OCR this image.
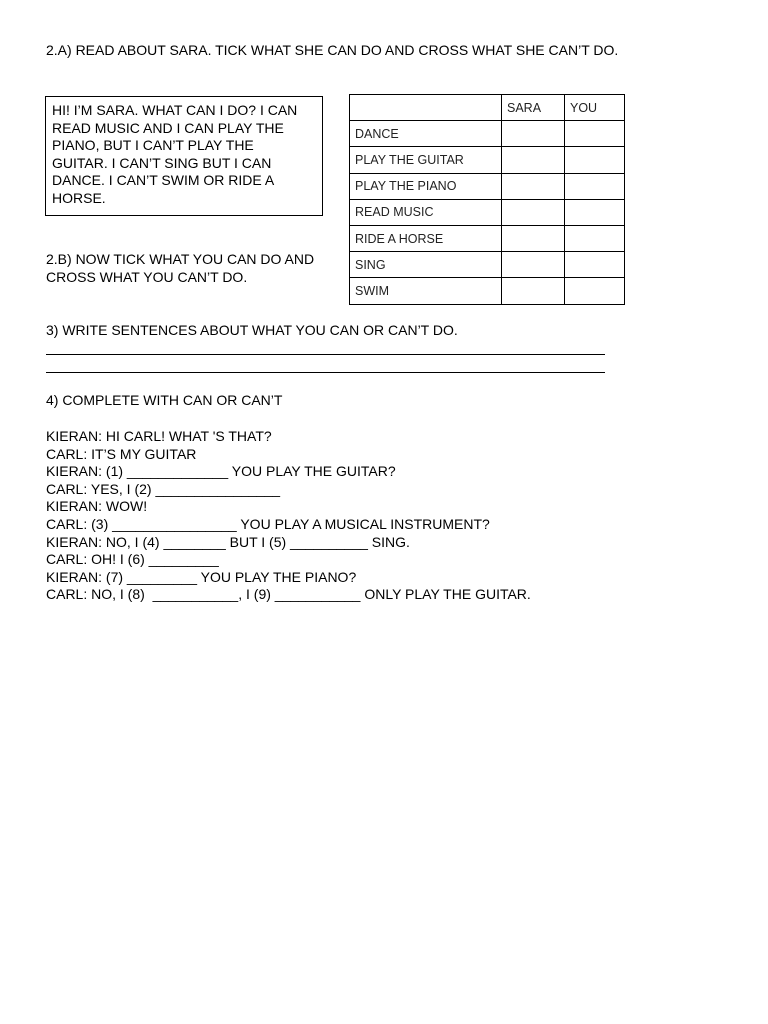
2.A) READ ABOUT SARA. TICK WHAT SHE CAN DO AND CROSS WHAT SHE CAN’T DO.
HI! I’M SARA. WHAT CAN I DO? I CAN
READ MUSIC AND I CAN PLAY THE
PIANO, BUT I CAN’T PLAY THE
GUITAR. I CAN’T SING BUT I CAN
DANCE. I CAN’T SWIM OR RIDE A
HORSE.
2.B) NOW TICK WHAT YOU CAN DO AND
CROSS WHAT YOU CAN’T DO.
	SARA	YOU
DANCE		
PLAY THE GUITAR		
PLAY THE PIANO		
READ MUSIC		
RIDE A HORSE		
SING		
SWIM		
3) WRITE SENTENCES ABOUT WHAT YOU CAN OR CAN’T DO.
4) COMPLETE WITH CAN OR CAN’T
KIERAN: HI CARL! WHAT 'S THAT?
CARL: IT’S MY GUITAR
KIERAN: (1) _____________ YOU PLAY THE GUITAR?
CARL: YES, I (2) ________________
KIERAN: WOW!
CARL: (3) ________________ YOU PLAY A MUSICAL INSTRUMENT?
KIERAN: NO, I (4) ________ BUT I (5) __________ SING.
CARL: OH! I (6) _________
KIERAN: (7) _________ YOU PLAY THE PIANO?
CARL: NO, I (8)  ___________, I (9) ___________ ONLY PLAY THE GUITAR.
